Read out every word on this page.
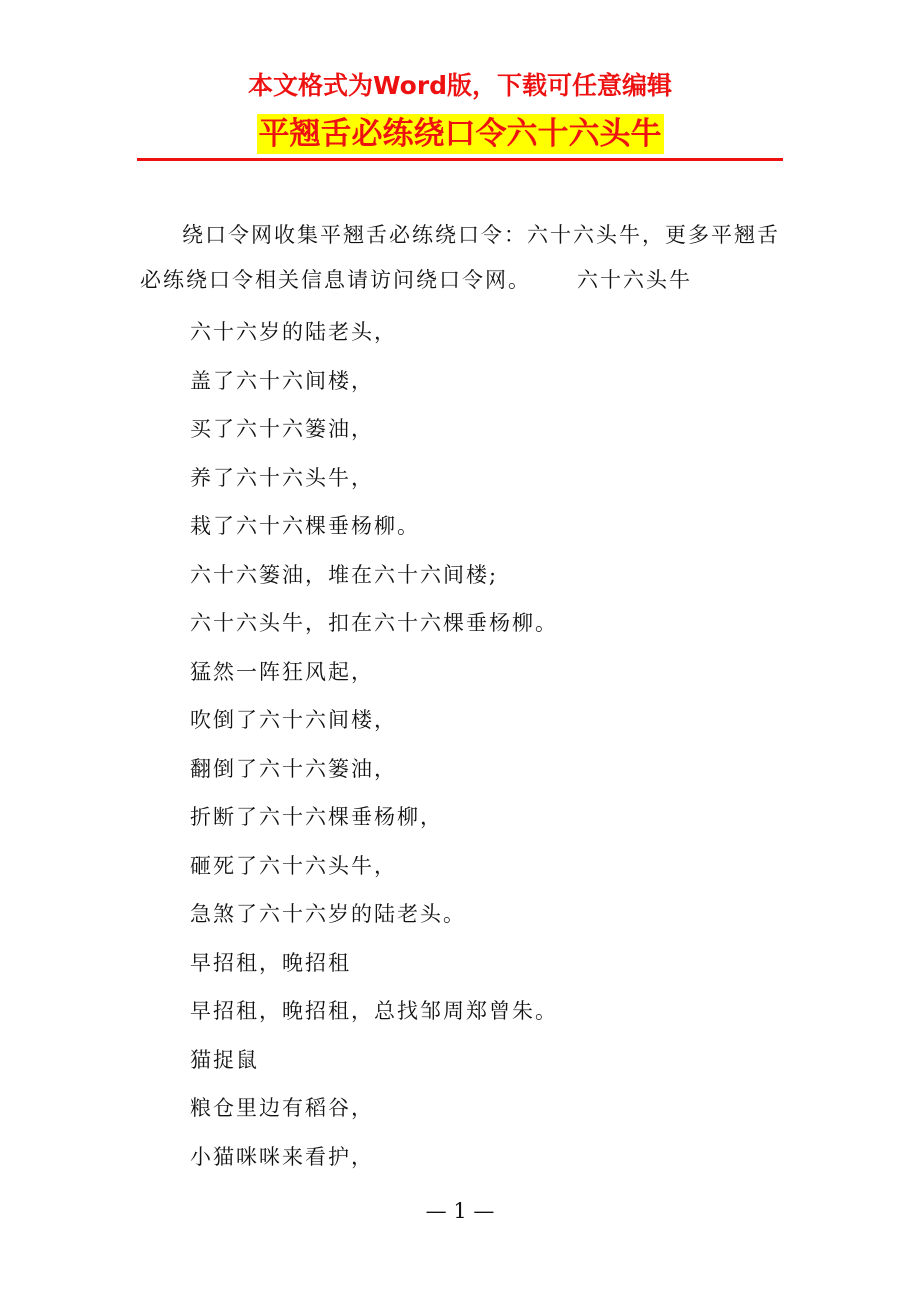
本文格式为Word版，下载可任意编辑
平翘舌必练绕口令六十六头牛

绕口令网收集平翘舌必练绕口令：六十六头牛，更多平翘舌必练绕口令相关信息请访问绕口令网。 六十六头牛

六十六岁的陆老头，
盖了六十六间楼，
买了六十六篓油，
养了六十六头牛，
栽了六十六棵垂杨柳。
六十六篓油，堆在六十六间楼;
六十六头牛，扣在六十六棵垂杨柳。
猛然一阵狂风起，
吹倒了六十六间楼，
翻倒了六十六篓油，
折断了六十六棵垂杨柳，
砸死了六十六头牛，
急煞了六十六岁的陆老头。
早招租，晚招租
早招租，晚招租，总找邹周郑曾朱。
猫捉鼠
粮仓里边有稻谷，
小猫咪咪来看护，
— 1 —
